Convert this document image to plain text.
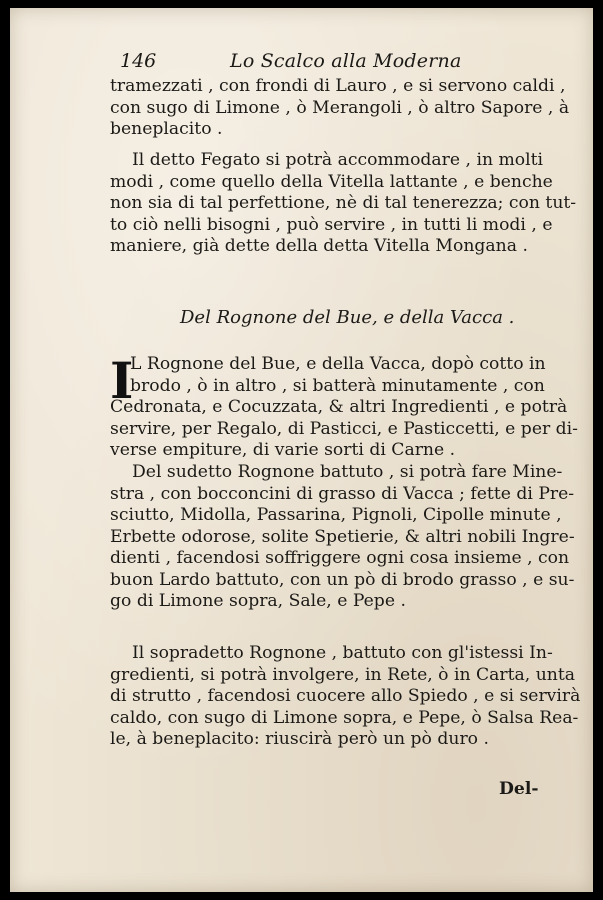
146	Lo Scalco alla Moderna

tramezzati , con frondi di Lauro , e si servono caldi ,
con sugo di Limone , ò Merangoli , ò altro Sapore , à
beneplacito .

Il detto Fegato si potrà accommodare , in molti
modi , come quello della Vitella lattante , e benche
non sia di tal perfettione, nè di tal tenerezza; con tut-
to ciò nelli bisogni , può servire , in tutti li modi , e
maniere, già dette della detta Vitella Mongana .

Del Rognone del Bue, e della Vacca .
I

L Rognone del Bue, e della Vacca, dopò cotto in
brodo , ò in altro , si batterà minutamente , con
Cedronata, e Cocuzzata, & altri Ingredienti , e potrà
servire, per Regalo, di Pasticci, e Pasticcetti, e per di-
verse empiture, di varie sorti di Carne .

Del sudetto Rognone battuto , si potrà fare Mine-
stra , con bocconcini di grasso di Vacca ; fette di Pre-
sciutto, Midolla, Passarina, Pignoli, Cipolle minute ,
Erbette odorose, solite Spetierie, & altri nobili Ingre-
dienti , facendosi soffriggere ogni cosa insieme , con
buon Lardo battuto, con un pò di brodo grasso , e su-
go di Limone sopra, Sale, e Pepe .

Il sopradetto Rognone , battuto con gl'istessi In-
gredienti, si potrà involgere, in Rete, ò in Carta, unta
di strutto , facendosi cuocere allo Spiedo , e si servirà
caldo, con sugo di Limone sopra, e Pepe, ò Salsa Rea-
le, à beneplacito: riuscirà però un pò duro .

Del-
